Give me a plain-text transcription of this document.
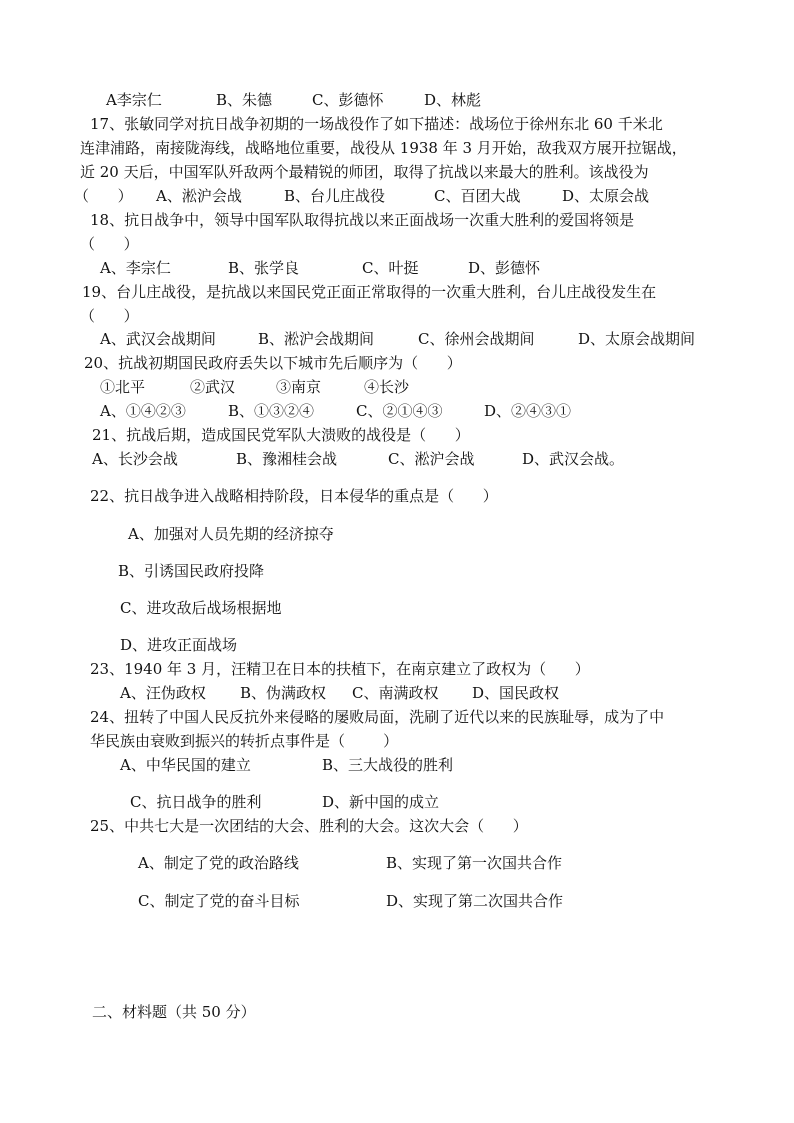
A李宗仁	B、朱德	C、彭德怀	D、林彪
17、张敏同学对抗日战争初期的一场战役作了如下描述：战场位于徐州东北 60 千米北
连津浦路，南接陇海线，战略地位重要，战役从 1938 年 3 月开始，敌我双方展开拉锯战，
近 20 天后，中国军队歼敌两个最精锐的师团，取得了抗战以来最大的胜利。该战役为
（      ） A、淞沪会战	B、台儿庄战役	C、百团大战	D、太原会战
18、抗日战争中，领导中国军队取得抗战以来正面战场一次重大胜利的爱国将领是
（      ）
A、李宗仁	B、张学良	C、叶挺	D、彭德怀
19、台儿庄战役，是抗战以来国民党正面正常取得的一次重大胜利，台儿庄战役发生在
（      ）
A、武汉会战期间	B、淞沪会战期间	C、徐州会战期间	D、太原会战期间
20、抗战初期国民政府丢失以下城市先后顺序为（      ）
①北平	②武汉	③南京	④长沙
A、①④②③	B、①③②④	C、②①④③	D、②④③①
21、抗战后期，造成国民党军队大溃败的战役是（      ）
A、长沙会战	B、豫湘桂会战	C、淞沪会战	D、武汉会战。
22、抗日战争进入战略相持阶段，日本侵华的重点是（      ）
A、加强对人员先期的经济掠夺
B、引诱国民政府投降
C、进攻敌后战场根据地
D、进攻正面战场
23、1940 年 3 月，汪精卫在日本的扶植下，在南京建立了政权为（      ）
A、汪伪政权 B、伪满政权 C、南满政权 D、国民政权
24、扭转了中国人民反抗外来侵略的屡败局面，洗刷了近代以来的民族耻辱，成为了中
华民族由衰败到振兴的转折点事件是（        ）
A、中华民国的建立	B、三大战役的胜利
C、抗日战争的胜利	D、新中国的成立
25、中共七大是一次团结的大会、胜利的大会。这次大会（      ）
A、制定了党的政治路线	B、实现了第一次国共合作
C、制定了党的奋斗目标	D、实现了第二次国共合作
二、材料题（共 50 分）
